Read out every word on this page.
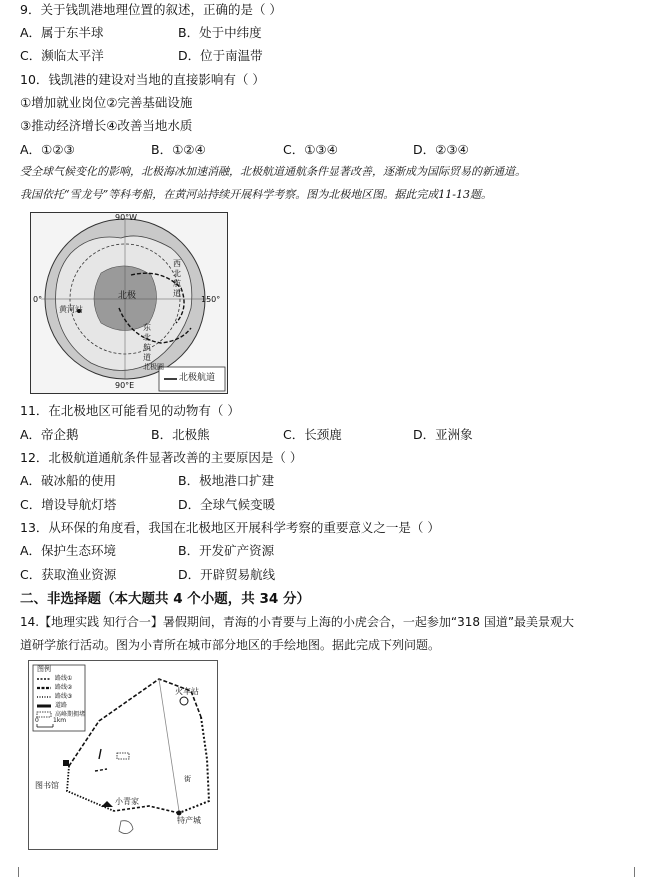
9．关于钱凯港地理位置的叙述，正确的是（ ）
A．属于东半球	B．处于中纬度
C．濒临太平洋	D．位于南温带
10．钱凯港的建设对当地的直接影响有（ ）
①增加就业岗位②完善基础设施
③推动经济增长④改善当地水质
A．①②③	B．①②④	C．①③④	D．②③④
受全球气候变化的影响，北极海冰加速消融，北极航道通航条件显著改善，逐渐成为国际贸易的新通道。
我国依托“雪龙号”等科考船，在黄河站持续开展科学考察。图为北极地区图。据此完成11-13题。
90°W
90°E
0°	150°
北极
黄河站
西
北
航
道
东
北
航
道
北极圈
北极航道
11．在北极地区可能看见的动物有（ ）
A．帝企鹅	B．北极熊	C．长颈鹿	D．亚洲象
12．北极航道通航条件显著改善的主要原因是（ ）
A．破冰船的使用	B．极地港口扩建
C．增设导航灯塔	D．全球气候变暖
13．从环保的角度看，我国在北极地区开展科学考察的重要意义之一是（ ）
A．保护生态环境	B．开发矿产资源
C．获取渔业资源	D．开辟贸易航线
二、非选择题（本大题共 4 个小题，共 34 分）
14.【地理实践 知行合一】暑假期间，青海的小青要与上海的小虎会合，一起参加“318 国道”最美景观大
道研学旅行活动。图为小青所在城市部分地区的手绘地图。据此完成下列问题。
图例
路线①
路线②
路线③
道路
高峰期拥堵
0 1km
火车站
图书馆
小青家
特产城
街
